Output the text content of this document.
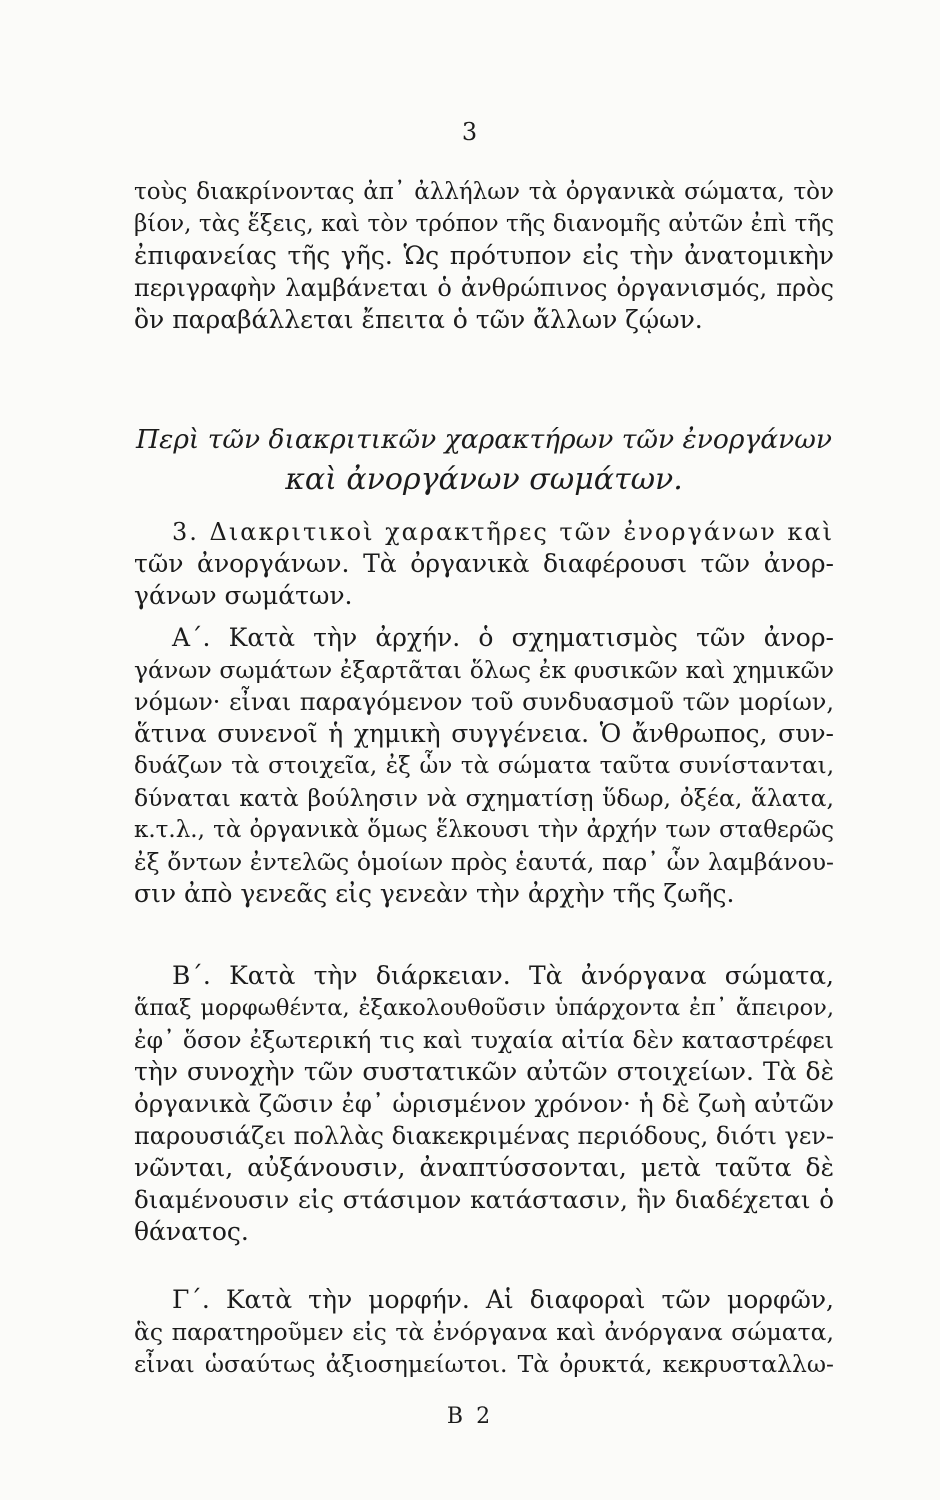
3
τοὺς διακρίνοντας ἀπ᾽ ἀλλήλων τὰ ὀργανικὰ σώματα, τὸν
βίον, τὰς ἕξεις, καὶ τὸν τρόπον τῆς διανομῆς αὐτῶν ἐπὶ τῆς
ἐπιφανείας τῆς γῆς. Ὡς πρότυπον εἰς τὴν ἀνατομικὴν
περιγραφὴν λαμβάνεται ὁ ἀνθρώπινος ὀργανισμός, πρὸς
ὃν παραβάλλεται ἔπειτα ὁ τῶν ἄλλων ζῴων.
Περὶ τῶν διακριτικῶν χαρακτήρων τῶν ἐνοργάνων
καὶ ἀνοργάνων σωμάτων.
3. Διακριτικοὶ χαρακτῆρες τῶν ἐνοργάνων καὶ
τῶν ἀνοργάνων. Τὰ ὀργανικὰ διαφέρουσι τῶν ἀνορ-
γάνων σωμάτων.
Α΄. Κατὰ τὴν ἀρχήν. ὁ σχηματισμὸς τῶν ἀνορ-
γάνων σωμάτων ἐξαρτᾶται ὅλως ἐκ φυσικῶν καὶ χημικῶν
νόμων· εἶναι παραγόμενον τοῦ συνδυασμοῦ τῶν μορίων,
ἅτινα συνενοῖ ἡ χημικὴ συγγένεια. Ὁ ἄνθρωπος, συν-
δυάζων τὰ στοιχεῖα, ἐξ ὧν τὰ σώματα ταῦτα συνίστανται,
δύναται κατὰ βούλησιν νὰ σχηματίσῃ ὕδωρ, ὀξέα, ἅλατα,
κ.τ.λ., τὰ ὀργανικὰ ὅμως ἕλκουσι τὴν ἀρχήν των σταθερῶς
ἐξ ὄντων ἐντελῶς ὁμοίων πρὸς ἑαυτά, παρ᾽ ὧν λαμβάνου-
σιν ἀπὸ γενεᾶς εἰς γενεὰν τὴν ἀρχὴν τῆς ζωῆς.
Β΄. Κατὰ τὴν διάρκειαν. Τὰ ἀνόργανα σώματα,
ἅπαξ μορφωθέντα, ἐξακολουθοῦσιν ὑπάρχοντα ἐπ᾽ ἄπειρον,
ἐφ᾽ ὅσον ἐξωτερική τις καὶ τυχαία αἰτία δὲν καταστρέφει
τὴν συνοχὴν τῶν συστατικῶν αὐτῶν στοιχείων. Τὰ δὲ
ὀργανικὰ ζῶσιν ἐφ᾽ ὡρισμένον χρόνον· ἡ δὲ ζωὴ αὐτῶν
παρουσιάζει πολλὰς διακεκριμένας περιόδους, διότι γεν-
νῶνται, αὐξάνουσιν, ἀναπτύσσονται, μετὰ ταῦτα δὲ
διαμένουσιν εἰς στάσιμον κατάστασιν, ἣν διαδέχεται ὁ
θάνατος.
Γ΄. Κατὰ τὴν μορφήν. Αἱ διαφοραὶ τῶν μορφῶν,
ἃς παρατηροῦμεν εἰς τὰ ἐνόργανα καὶ ἀνόργανα σώματα,
εἶναι ὡσαύτως ἀξιοσημείωτοι. Τὰ ὀρυκτά, κεκρυσταλλω-
B 2
